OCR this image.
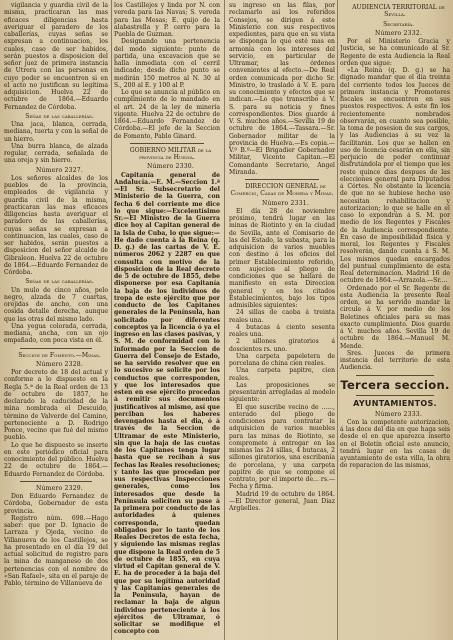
vigilancia y guardia civil de la misma, practicaran las mas eficaces diligencias hasta averiguar el paradero de los caballerías, cuyas señas se expresan a continuacion, los cuales, caso de ser habidos, serán puestos a disposicion del señor juez de primera instancia de Utrera con las personas en cuyo poder se encuentren si en el acto no justifican su legítima adquisicion. Huelva 22 de octubre de 1864.—Eduardo Fernandez de Córdoba.

Señas de las caballerías.

Una jaca, blanca, cerrada, mediana, tuerta y con la señal de un hierro.

Una burra blanca, de alzada regular, cerrada, señalada de una oreja y sin hierro.

Número 2327.

Los señores alcaldes de los pueblos de la provincia, empleados de vigilancia y guardia civil de la misma, practicaran las mas eficaces diligencias hasta averiguar el paradero de las caballerías, cuyas señas se expresan a continuacion, las cuales, caso de ser habidos, serán puestos a disposicion del señor alcalde de Gibraleon. Huelva 22 de octubre de 1864.—Eduardo Fernandez de Córdoba.

Señas de las caballerías.

Un mulo de cinco años, pelo negro, alzada de 7 cuartas, orejidas de ancho, con una cosida detalle derecha, aunque que las otras del mismo lado.

Una yegua colorada, cerrada, mediana, ancha, con un ojo empañado, con poca vista en él.

Seccion de Fomento.—Minas.

Número 2328.

Por decreto de 18 del actual y conforme a lo dispuesto en la Regla 5.ª de la Real orden de 13 de octubre de 1857, he declarado la caducidad de la mina nombrada el Descuido, término de Valverde del Camino, perteneciente a D. Rodrigo Ponce, vecino que fué del mismo pueblo.

Lo que he dispuesto se inserte en este periódico oficial para conocimiento del público. Huelva 22 de octubre de 1864.—Eduardo Fernandez de Córdoba.

Número 2329.

Don Eduardo Fernandez de Córdoba, Gobernador de esta provincia.

Registro núm. 698.—Hago saber: que por D. Ignacio de Larraza y Ojeda, vecino de Villanueva de los Castillejos, se ha presentado en el día 19 del actual solicitud de registro para la mina de manganeso de dos pertenencias con el nombre de «San Rafael», sita en el paraje de Pablo, término de Villanueva de

los Castillejos y linda por N. con vereda para las Navas; S. vereda para las Mesas; E. quijo de la alabastrella y P. cerro para la Puebla de Guzman.

Designando una pertenencia del modo siguiente: punto de partida, una excavacion que se halla inmediata con el cerril indicado; desde dicho punto se medirán 150 metros al N. 30 al S., 200 al E. y 100 al P.

Lo que se anuncia al público en cumplimiento de lo mandado en el art. 24 de la ley de minería vigente. Huelva 22 de octubre de 1864.—Eduardo Fernandez de Córdoba.—El jefe de la Seccion de Fomento, Pablo Ginard.

GOBIERNO MILITAR de la provincia de Huelva.

Número 2330.

Capitanía general de Andalucía.—E. M.—Seccion 1.ª—El Sr. Subsecretario del Ministerio de la Guerra, con fecha 6 del corriente me dice lo que sigue:—Excelentísimo Sr.—El Ministro de la Guerra dice hoy al Capitan general de la Isla de Cuba, lo que sigue:—He dado cuenta á la Reina (q. D. g.) de las cartas de V. E. números 2062 y 2287 en que consulta con motivo de la disposicion de la Real decreto de 5 de octubre de 1855, debe disponerse por esa Capitanía la baja de los individuos de tropa de este ejército que por conducto de los Capitanes generales de la Península, han solicitado por diferentes conceptos ya la licencia ó ya el ingreso en las clases pasivas, y S. M. de conformidad con lo informado por la Seccion de Guerra del Consejo de Estado, se ha servido resolver que en lo sucesivo se solicite por los conductos que corresponden, y que los interesados que esten en ese ejército procedan á remitir sus documentos justificativos al mismo, así que perciban los haberes devengados hasta el dia, ó á través de la Seccion de Ultramar de este Ministerio, sin que la baja de las cuotas de los Capitanes tenga lugar hasta que se reciban á sus fechas las Reales resoluciones; y tanto las que procedan por sus respectivas Inspecciones generales, como los interesados que desde la Península soliciten su pase á la primera por conducto de las autoridades á quienes corresponda, quedan obligados por lo tanto de los Reales Decretos de esta fecha, y siguiendo las mismas reglas que dispone la Real orden de 5 de octubre de 1855, en cuya virtud el Capitan general de V. E. ha de proceder á la baja del que por su legítima autoridad y las Capitanías generales de la Península, hayan de reclamar la baja de algun individuo perteneciente á los ejércitos de Ultramar, ó solicitar se modifique el concepto con

su ingreso en las filas, por reclamarlo así los referidos Consejos, se dirigen á este Ministerio con sus respectivos expedientes, para que en su vista se disponga lo que esté mas en armonía con los intereses del servicio, en particular de Ultramar, las órdenes convenientes al efecto.—De Real orden comunicada por dicho Sr. Ministro, lo traslado á V. E. para su conocimiento y efectos que se indican.—Lo que transcribo á V. S. para su noticia y fines correspondientes. Dios guarde á V. S. muchos años.—Sevilla 19 de octubre de 1864.—Tassara.—Sr. Gobernador militar de la provincia de Huelva.—Es copia.—V.º B.º—El Brigadier Gobernador Militar, Vicente Capitan.—El Comandante Secretario, Angel Miranda.

DIRECCION GENERAL de Comercio, Casas de Moneda y Minas.

Número 2331.

El día 28 de noviembre próximo, tendrá lugar en las minas de Riotinto y en la ciudad de Sevilla, ante el Comisario de las del Estado, la subasta, para la adquisicion de varios muebles con destino á los oficios del primer Establecimiento referido, con sujecion al pliego de condiciones que se hallará de manifiesto en esta Direccion general y en los citados Establecimientos, bajo los tipos admisibles siguientes:

24 sillas de caoba á treinta reales una.

4 butacas á ciento sesenta reales una.

2 sillones giratorios á doscientos rs. uno.

Una carpeta papeletera de porcelana de china cien reales.

Una carpeta papitre, cien reales.

Las proposiciones se presentarán arregladas al modelo siguiente:

El que suscribe vecino de ......, enterado del pliego de condiciones para contratar la adquisicion de varios muebles para las minas de Riotinto, se compromete á entregar en las mismas las 24 sillas, 4 butacas, 2 sillones giratorios, una escribanía de porcelana, y una carpeta papitre de que se compone el contrato, por el importe de... rs.—Fecha y firma.

Madrid 19 de octubre de 1864.—El Director general, Juan Diaz Argüelles.

AUDIENCIA TERRITORIAL de Sevilla.

Secretaría.

Número 2332.

Por el Ministerio Gracia y Justicia, se ha comunicado al Sr. Regente de esta Audiencia la Real orden que sigue:

«La Reina (q. D. g.) se ha dignado mandar que el día treinta del corriente todos los Jueces de primera instancia y Promotores fiscales se encuentren en sus puestos respectivos. A este fin los recientemente nombrados observarán, en cuanto sea posible, la toma de posesion de sus cargos, y las Audiencias á su vez la facilitarán. Los que se hallen en uso de licencia cesarán en ella, sin perjuicio de poder continuar disfrutándola por el tiempo que les reste quince dias despues de las elecciones general para Diputados á Córtes. No obstante la licencia de que no se hubiese hecho uso necesitan rehabilitacion y autorizacion; lo que se halle en el caso lo expondrán á S. M. por medio de los Regentes y Fiscales de la Audiencia correspondiente. En caso de imposibilidad física y moral, los Regentes y Fiscales resolverán, dando cuenta á S. M. Los mismos quedan encargados del puntual cumplimiento de esta Real determinacion. Madrid 16 de octubre de 1864.—Arrazola.—Sr....

Ordenado por el Sr. Regente de esta Audiencia la presente Real orden, se ha servido mandar la circule á V. por medio de los Boletines oficiales para su mas exacto cumplimiento. Dios guarde á V. muchos años. Sevilla 19 de octubre de 1864.—Manuel M. Mende.

Sres. Jueces de primera instancia del territorio de esta Audiencia.

Tercera seccion.

AYUNTAMIENTOS.

Número 2333.

Con la competente autorizacion, á las doce del dia en que haga seis desde el en que aparezca inserto en el Boletín oficial este anuncio, tendrá lugar en las casas de ayuntamiento de esta villa, la obra de reparacion de las mismas,
